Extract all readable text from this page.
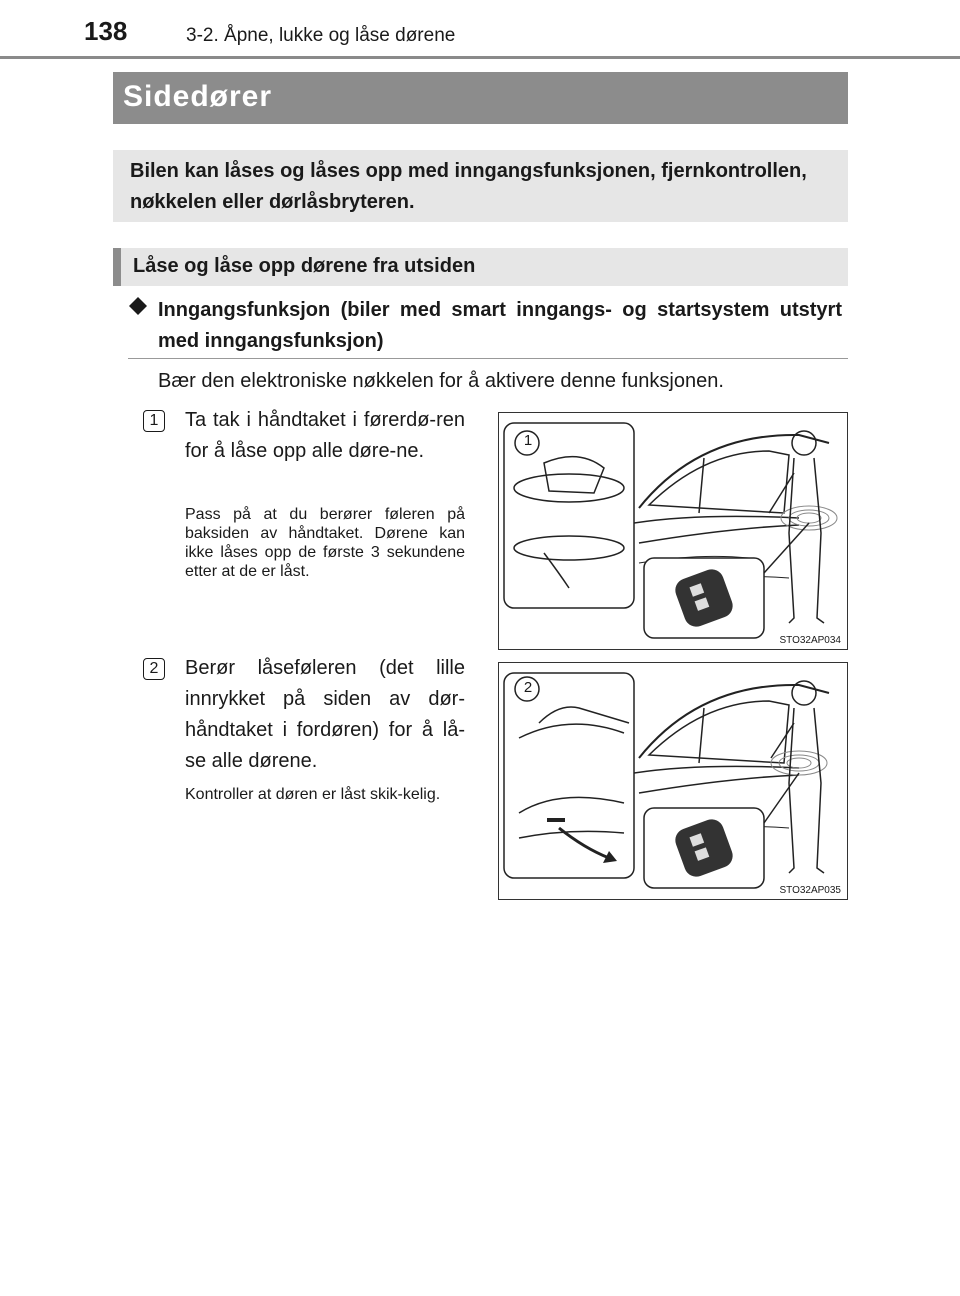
138	3-2. Åpne, lukke og låse dørene
Sidedører
Bilen kan låses og låses opp med inngangsfunksjonen, fjernkontrollen, nøkkelen eller dørlåsbryteren.
Låse og låse opp dørene fra utsiden
Inngangsfunksjon (biler med smart inngangs- og startsystem utstyrt med inngangsfunksjon)
Bær den elektroniske nøkkelen for å aktivere denne funksjonen.
1	Ta tak i håndtaket i førerdø-ren for å låse opp alle døre-ne.
Pass på at du berører føleren på baksiden av håndtaket. Dørene kan ikke låses opp de første 3 sekundene etter at de er låst.
STO32AP034
2	Berør låseføleren (det lille innrykket på siden av dør-håndtaket i fordøren) for å lå-se alle dørene.
Kontroller at døren er låst skik-kelig.
STO32AP035
1
2
